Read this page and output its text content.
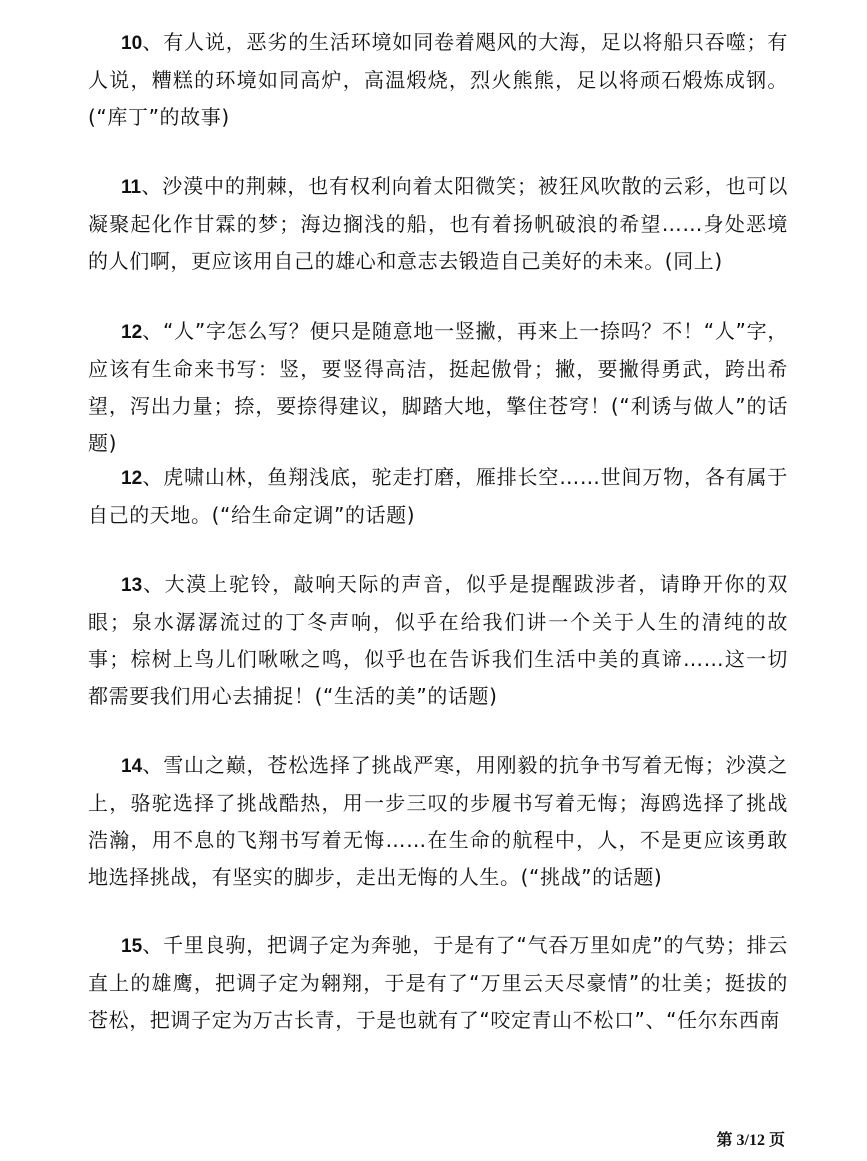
10、有人说，恶劣的生活环境如同卷着飓风的大海，足以将船只吞噬；有人说，糟糕的环境如同高炉，高温煅烧，烈火熊熊，足以将顽石煅炼成钢。(“库丁”的故事)
11、沙漠中的荆棘，也有权利向着太阳微笑；被狂风吹散的云彩，也可以凝聚起化作甘霖的梦；海边搁浅的船，也有着扬帆破浪的希望……身处恶境的人们啊，更应该用自己的雄心和意志去锻造自己美好的未来。(同上)
12、“人”字怎么写？便只是随意地一竖撇，再来上一捺吗？不！“人”字，应该有生命来书写：竖，要竖得高洁，挺起傲骨；撇，要撇得勇武，跨出希望，泻出力量；捺，要捺得建议，脚踏大地，擎住苍穹！(“利诱与做人”的话题)
12、虎啸山林，鱼翔浅底，驼走打磨，雁排长空……世间万物，各有属于自己的天地。(“给生命定调”的话题)
13、大漠上驼铃，敲响天际的声音，似乎是提醒跋涉者，请睁开你的双眼；泉水潺潺流过的丁冬声响，似乎在给我们讲一个关于人生的清纯的故事；棕树上鸟儿们啾啾之鸣，似乎也在告诉我们生活中美的真谛……这一切都需要我们用心去捕捉！(“生活的美”的话题)
14、雪山之巅，苍松选择了挑战严寒，用刚毅的抗争书写着无悔；沙漠之上，骆驼选择了挑战酷热，用一步三叹的步履书写着无悔；海鸥选择了挑战浩瀚，用不息的飞翔书写着无悔……在生命的航程中，人，不是更应该勇敢地选择挑战，有坚实的脚步，走出无悔的人生。(“挑战”的话题)
15、千里良驹，把调子定为奔驰，于是有了“气吞万里如虎”的气势；排云直上的雄鹰，把调子定为翱翔，于是有了“万里云天尽豪情”的壮美；挺拔的苍松，把调子定为万古长青，于是也就有了“咬定青山不松口”、“任尔东西南
第 3/12 页
